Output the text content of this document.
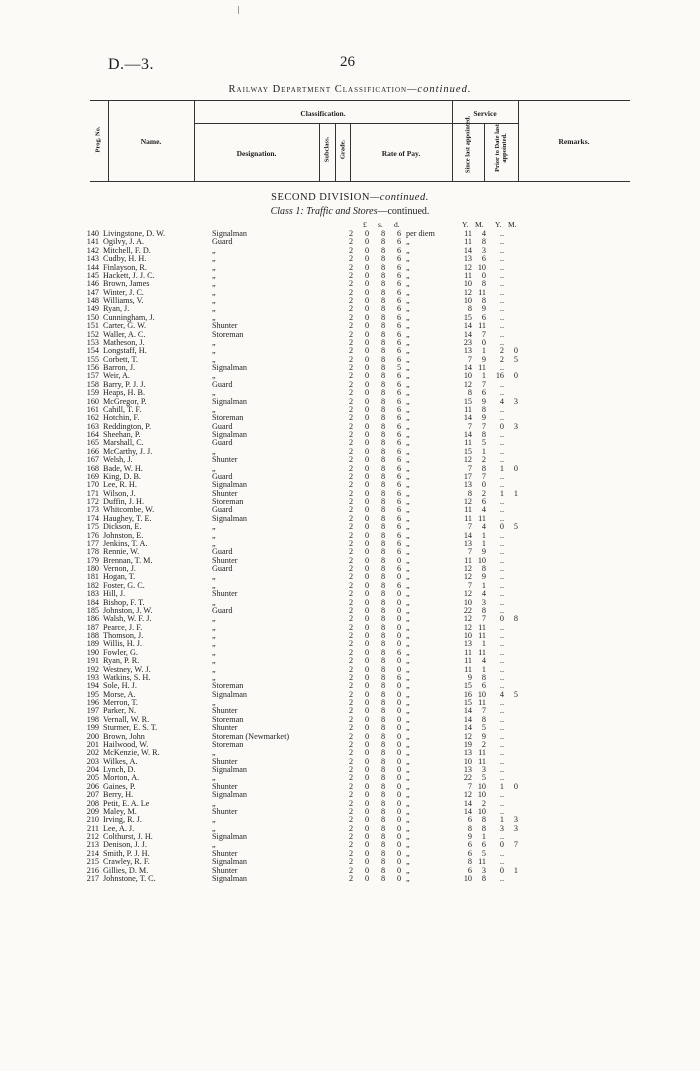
D.—3.	26
Railway Department Classification—continued.
Prog. No.	Name.
Classification.
Designation.	Subclass. Grade.	Rate of Pay.
Service
Since last appointed.	Prior to Date last appointed.	Remarks.
SECOND DIVISION—continued.
Class 1: Traffic and Stores—continued.
£ s. d.	Y. M. Y. M.
140 Livingstone, D. W.	Signalman	2	0 8 6 per diem	11	4	..
141 Ogilvy, J. A.	Guard	2	0 8 6 „	11	8	..
142 Mitchell, F. D.	„	2	0 8 6 „	14	3	..
143 Cudby, H. H.	„	2	0 8 6 „	13	6	..
144 Finlayson, R.	„	2	0 8 6 „	12 10	..
145 Hackett, J. J. C.	„	2	0 8 6 „	11	0	..
146 Brown, James	„	2	0 8 6 „	10	8	..
147 Winter, J. C.	„	2	0 8 6 „	12 11	..
148 Williams, V.	„	2	0 8 6 „	10	8	..
149 Ryan, J.	„	2	0 8 6 „	8	9	..
150 Cunningham, J.	„	2	0 8 6 „	15	6	..
151 Carter, G. W.	Shunter	2	0 8 6 „	14 11	..
152 Waller, A. C.	Storeman	2	0 8 6 „	14	7	..
153 Matheson, J.	„	2	0 8 6 „	23	0	..
154 Longstaff, H.	„	2	0 8 6 „	13	1	2	0
155 Corbett, T.	„	2	0 8 6 „	7	9	2	5
156 Barron, J.	Signalman	2	0 8 5 „	14 11	..
157 Weir, A.	„	2	0 8 6 „	10	1	16	0
158 Barry, P. J. J.	Guard	2	0 8 6 „	12	7	..
159 Heaps, H. B.	„	2	0 8 6 „	8	6	..
160 McGregor, P.	Signalman	2	0 8 6 „	15	9	4	3
161 Cahill, T. F.	„	2	0 8 6 „	11	8	..
162 Hotchin, F.	Storeman	2	0 8 6 „	14	9	..
163 Reddington, P.	Guard	2	0 8 6 „	7	7	0	3
164 Sheehan, P.	Signalman	2	0 8 6 „	14	8	..
165 Marshall, C.	Guard	2	0 8 6 „	11	5	..
166 McCarthy, J. J.	„	2	0 8 6 „	15	1	..
167 Welsh, J.	Shunter	2	0 8 6 „	12	2	..
168 Bade, W. H.	„	2	0 8 6 „	7	8	1	0
169 King, D. B.	Guard	2	0 8 6 „	17	7	..
170 Lee, R. H.	Signalman	2	0 8 6 „	13	0	..
171 Wilson, J.	Shunter	2	0 8 6 „	8	2	1	1
172 Duffin, J. H.	Storeman	2	0 8 6 „	12	6	..
173 Whitcombe, W.	Guard	2	0 8 6 „	11	4	..
174 Haughey, T. E.	Signalman	2	0 8 6 „	11 11	..
175 Dickson, E.	„	2	0 8 6 „	7	4	0	5
176 Johnston, E.	„	2	0 8 6 „	14	1	..
177 Jenkins, T. A.	„	2	0 8 6 „	13	1	..
178 Rennie, W.	Guard	2	0 8 6 „	7	9	..
179 Brennan, T. M.	Shunter	2	0 8 0 „	11 10	..
180 Vernon, J.	Guard	2	0 8 6 „	12	8	..
181 Hogan, T.	„	2	0 8 0 „	12	9	..
182 Foster, G. C.	„	2	0 8 6 „	7	1	..
183 Hill, J.	Shunter	2	0 8 0 „	12	4	..
184 Bishop, F. T.	„	2	0 8 0 „	10	3	..
185 Johnston, J. W.	Guard	2	0 8 0 „	22	8	..
186 Walsh, W. F. J.	„	2	0 8 0 „	12	7	0	8
187 Pearce, J. F.	„	2	0 8 0 „	12 11	..
188 Thomson, J.	„	2	0 8 0 „	10 11	..
189 Willis, H. J.	„	2	0 8 0 „	13	1	..
190 Fowler, G.	„	2	0 8 6 „	11 11	..
191 Ryan, P. R.	„	2	0 8 0 „	11	4	..
192 Westney, W. J.	„	2	0 8 0 „	11	1	..
193 Watkins, S. H.	„	2	0 8 6 „	9	8	..
194 Sole, H. J.	Storeman	2	0 8 0 „	15	6	..
195 Morse, A.	Signalman	2	0 8 0 „	16 10	4	5
196 Merron, T.	„	2	0 8 0 „	15 11	..
197 Parker, N.	Shunter	2	0 8 0 „	14	7	..
198 Vernall, W. R.	Storeman	2	0 8 0 „	14	8	..
199 Sturmer, E. S. T.	Shunter	2	0 8 0 „	14	5	..
200 Brown, John	Storeman (Newmarket)	2	0 8 0 „	12	9	..
201 Hailwood, W.	Storeman	2	0 8 0 „	19	2	..
202 McKenzie, W. R.	„	2	0 8 0 „	13 11	..
203 Wilkes, A.	Shunter	2	0 8 0 „	10 11	..
204 Lynch, D.	Signalman	2	0 8 0 „	13	3	..
205 Morton, A.	„	2	0 8 0 „	22	5	..
206 Gaines, P.	Shunter	2	0 8 0 „	7 10	1	0
207 Berry, H.	Signalman	2	0 8 0 „	12 10	..
208 Petit, E. A. Le	„	2	0 8 0 „	14	2	..
209 Maley, M.	Shunter	2	0 8 0 „	14 10	..
210 Irving, R. J.	„	2	0 8 0 „	6	8	1	3
211 Lee, A. J.	„	2	0 8 0 „	8	8	3	3
212 Colthurst, J. H.	Signalman	2	0 8 0 „	9	1	..
213 Denison, J. J.	„	2	0 8 0 „	6	6	0	7
214 Smith, P. J. H.	Shunter	2	0 8 0 „	6	5	..
215 Crawley, R. F.	Signalman	2	0 8 0 „	8 11	..
216 Gillies, D. M.	Shunter	2	0 8 0 „	6	3	0	1
217 Johnstone, T. C.	Signalman	2	0 8 0 „	10	8	..
